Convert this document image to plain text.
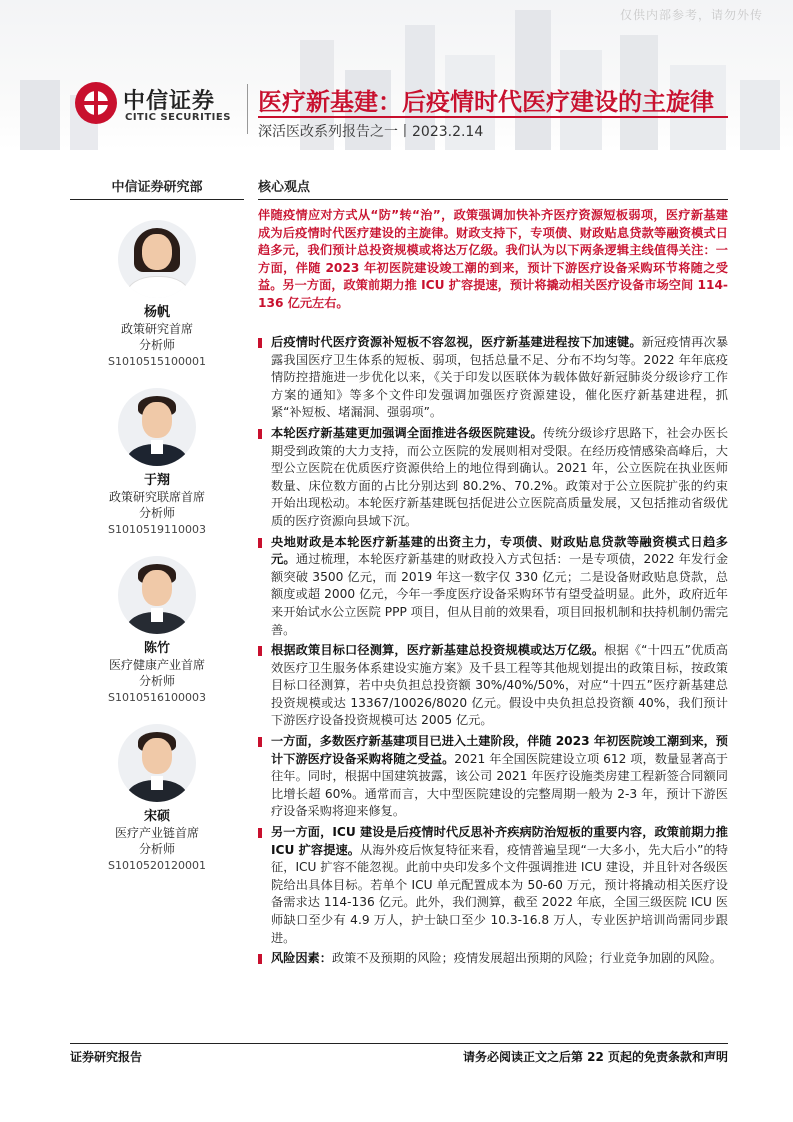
仅供内部参考，请勿外传
中信证券
CITIC SECURITIES
医疗新基建：后疫情时代医疗建设的主旋律
深活医改系列报告之一丨2023.2.14
中信证券研究部	核心观点
杨帆
政策研究首席
分析师
S1010515100001
于翔
政策研究联席首席
分析师
S1010519110003
陈竹
医疗健康产业首席
分析师
S1010516100003
宋硕
医疗产业链首席
分析师
S1010520120001
伴随疫情应对方式从“防”转“治”，政策强调加快补齐医疗资源短板弱项，医疗新基建成为后疫情时代医疗建设的主旋律。财政支持下，专项债、财政贴息贷款等融资模式日趋多元，我们预计总投资规模或将达万亿级。我们认为以下两条逻辑主线值得关注：一方面，伴随 2023 年初医院建设竣工潮的到来，预计下游医疗设备采购环节将随之受益。另一方面，政策前期力推 ICU 扩容提速，预计将撬动相关医疗设备市场空间 114-136 亿元左右。
后疫情时代医疗资源补短板不容忽视，医疗新基建进程按下加速键。新冠疫情再次暴露我国医疗卫生体系的短板、弱项，包括总量不足、分布不均匀等。2022 年年底疫情防控措施进一步优化以来，《关于印发以医联体为载体做好新冠肺炎分级诊疗工作方案的通知》等多个文件印发强调加强医疗资源建设，催化医疗新基建进程，抓紧“补短板、堵漏洞、强弱项”。
本轮医疗新基建更加强调全面推进各级医院建设。传统分级诊疗思路下，社会办医长期受到政策的大力支持，而公立医院的发展则相对受限。在经历疫情感染高峰后，大型公立医院在优质医疗资源供给上的地位得到确认。2021 年，公立医院在执业医师数量、床位数方面的占比分别达到 80.2%、70.2%。政策对于公立医院扩张的约束开始出现松动。本轮医疗新基建既包括促进公立医院高质量发展，又包括推动省级优质的医疗资源向县域下沉。
央地财政是本轮医疗新基建的出资主力，专项债、财政贴息贷款等融资模式日趋多元。通过梳理，本轮医疗新基建的财政投入方式包括：一是专项债，2022 年发行金额突破 3500 亿元，而 2019 年这一数字仅 330 亿元；二是设备财政贴息贷款，总额度或超 2000 亿元，今年一季度医疗设备采购环节有望受益明显。此外，政府近年来开始试水公立医院 PPP 项目，但从目前的效果看，项目回报机制和扶持机制仍需完善。
根据政策目标口径测算，医疗新基建总投资规模或达万亿级。根据《“十四五”优质高效医疗卫生服务体系建设实施方案》及千县工程等其他规划提出的政策目标，按政策目标口径测算，若中央负担总投资额 30%/40%/50%，对应“十四五”医疗新基建总投资规模或达 13367/10026/8020 亿元。假设中央负担总投资额 40%，我们预计下游医疗设备投资规模可达 2005 亿元。
一方面，多数医疗新基建项目已进入土建阶段，伴随 2023 年初医院竣工潮到来，预计下游医疗设备采购将随之受益。2021 年全国医院建设立项 612 项，数量显著高于往年。同时，根据中国建筑披露，该公司 2021 年医疗设施类房建工程新签合同额同比增长超 60%。通常而言，大中型医院建设的完整周期一般为 2-3 年，预计下游医疗设备采购将迎来修复。
另一方面，ICU 建设是后疫情时代反思补齐疾病防治短板的重要内容，政策前期力推 ICU 扩容提速。从海外疫后恢复特征来看，疫情普遍呈现“一大多小，先大后小”的特征，ICU 扩容不能忽视。此前中央印发多个文件强调推进 ICU 建设，并且针对各级医院给出具体目标。若单个 ICU 单元配置成本为 50-60 万元，预计将撬动相关医疗设备需求达 114-136 亿元。此外，我们测算，截至 2022 年底，全国三级医院 ICU 医师缺口至少有 4.9 万人，护士缺口至少 10.3-16.8 万人，专业医护培训尚需同步跟进。
风险因素：政策不及预期的风险；疫情发展超出预期的风险；行业竞争加剧的风险。
证券研究报告	请务必阅读正文之后第 22 页起的免责条款和声明
